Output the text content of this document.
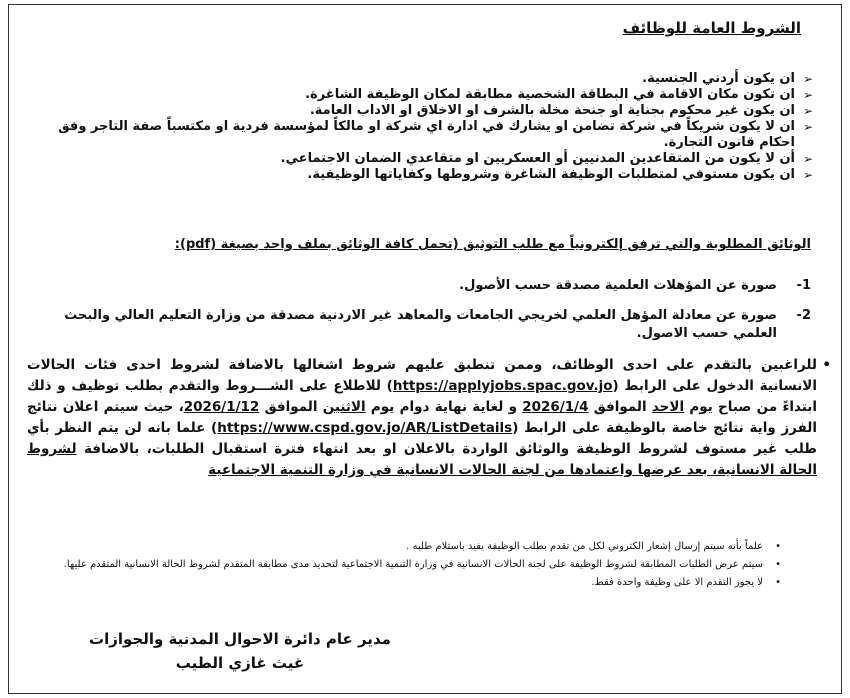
الشروط العامة للوظائف
➢
ان يكون أردني الجنسية.
➢
ان تكون مكان الاقامة في البطاقة الشخصية مطابقة لمكان الوظيفة الشاغرة.
➢
ان يكون غير محكوم بجناية او جنحة مخلة بالشرف او الاخلاق او الاداب العامة.
➢
ان لا يكون شريكاً في شركة تضامن او يشارك في ادارة اي شركة او مالكاً لمؤسسة فردية او مكتسباً صفة التاجر وفق احكام قانون التجارة.
➢
أن لا يكون من المتقاعدين المدنيين أو العسكريين او متقاعدي الضمان الاجتماعي.
➢
ان يكون مستوفي لمتطلبات الوظيفة الشاغرة وشروطها وكفاياتها الوظيفية.
الوثائق المطلوبة والتي ترفق إلكترونياً مع طلب التوثيق (تحمل كافة الوثائق بملف واحد بصيغة (pdf):
1-
صورة عن المؤهلات العلمية مصدقة حسب الأصول.
2-
صورة عن معادلة المؤهل العلمي لخريجي الجامعات والمعاهد غير الاردنية مصدقة من وزارة التعليم العالي والبحث العلمي حسب الاصول.
•
للراغبين بالتقدم على احدى الوظائف، وممن تنطبق عليهم شروط اشغالها بالاضافة لشروط احدى فئات الحالات الانسانية الدخول على الرابط (https://applyjobs.spac.gov.jo) للاطلاع على الشـــروط والتقدم بطلب توظيف و ذلك ابتداءً من صباح يوم الاحد الموافق 2026/1/4 و لغاية نهاية دوام يوم الاثنين الموافق 2026/1/12، حيث سيتم اعلان نتائج الفرز واية نتائج خاصة بالوظيفة على الرابط (https://www.cspd.gov.jo/AR/ListDetails) علما بانه لن يتم النظر بأي طلب غير مستوف لشروط الوظيفة والوثائق الواردة بالاعلان او بعد انتهاء فترة استقبال الطلبات، بالاضافة لشروط الحالة الانسانية، بعد عرضها واعتمادها من لجنة الحالات الانسانية في وزارة التنمية الاجتماعية
•
علماً بأنه سيتم إرسال إشعار الكتروني لكل من تقدم بطلب الوظيفة يفيد باستلام طلبه .
•
سيتم عرض الطلبات المطابقة لشروط الوظيفة على لجنة الحالات الانسانية في وزارة التنمية الاجتماعية لتحديد مدى مطابقة المتقدم لشروط الحالة الانسانية المتقدم عليها.
•
لا يجوز التقدم الا على وظيفة واحدة فقط.
مدير عام دائرة الاحوال المدنية والجوازات
غيث غازي الطيب
